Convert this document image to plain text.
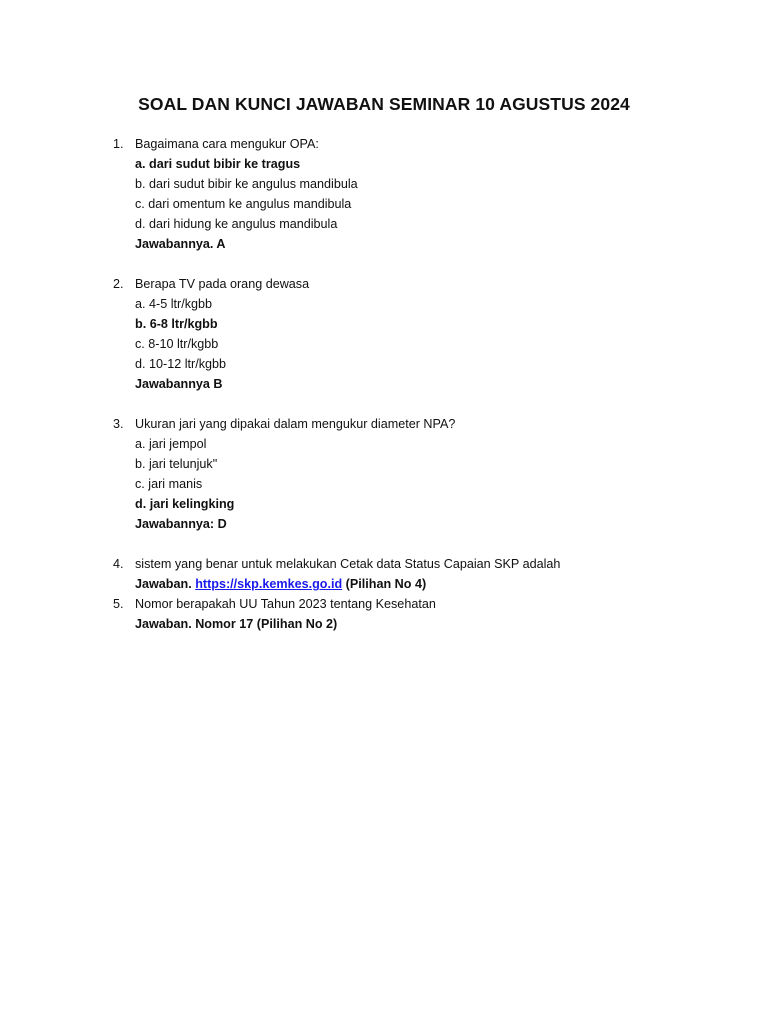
SOAL DAN KUNCI JAWABAN SEMINAR 10 AGUSTUS 2024
1. Bagaimana cara mengukur OPA:
a. dari sudut bibir ke tragus
b. dari sudut bibir ke angulus mandibula
c. dari omentum ke angulus mandibula
d. dari hidung ke angulus mandibula
Jawabannya. A
2. Berapa TV pada orang dewasa
a. 4-5 ltr/kgbb
b. 6-8 ltr/kgbb
c. 8-10 ltr/kgbb
d. 10-12 ltr/kgbb
Jawabannya B
3. Ukuran jari yang dipakai dalam mengukur diameter NPA?
a. jari jempol
b. jari telunjuk"
c. jari manis
d. jari kelingking
Jawabannya: D
4. sistem yang benar untuk melakukan Cetak data Status Capaian SKP adalah
Jawaban. https://skp.kemkes.go.id (Pilihan No 4)
5. Nomor berapakah UU Tahun 2023 tentang Kesehatan
Jawaban. Nomor 17 (Pilihan No 2)
